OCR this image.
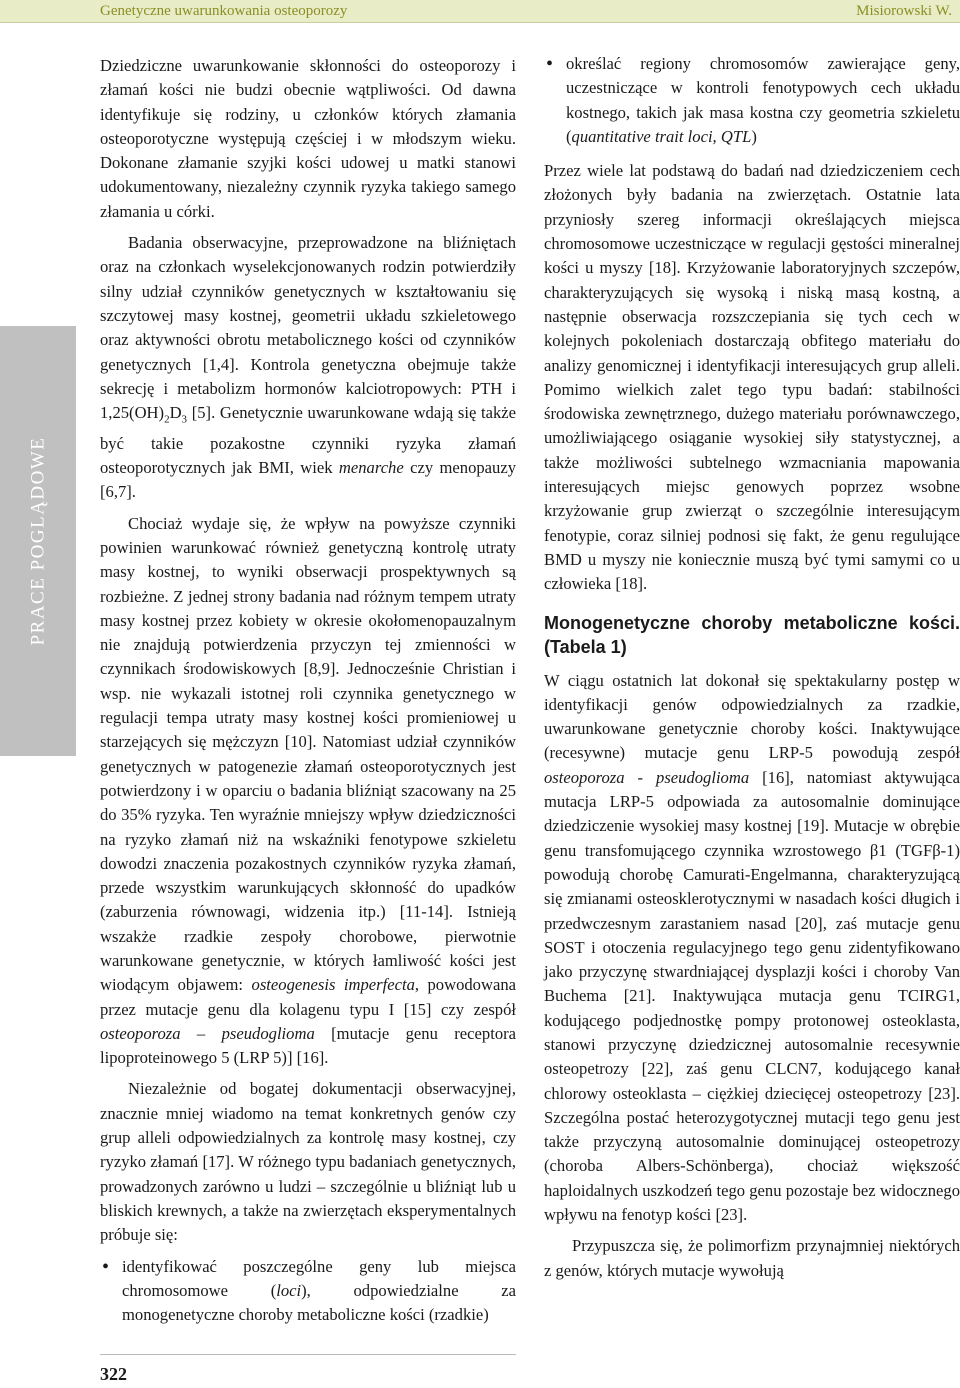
Genetyczne uwarunkowania osteoporozy	Misiorowski W.
PRACE POGLĄDOWE

Dziedziczne uwarunkowanie skłonności do osteoporozy i złamań kości nie budzi obecnie wątpliwości. Od dawna identyfikuje się rodziny, u członków których złamania osteoporotyczne występują częściej i w młodszym wieku. Dokonane złamanie szyjki kości udowej u matki stanowi udokumentowany, niezależny czynnik ryzyka takiego samego złamania u córki.

Badania obserwacyjne, przeprowadzone na bliźniętach oraz na członkach wyselekcjonowanych rodzin potwierdziły silny udział czynników genetycznych w kształtowaniu się szczytowej masy kostnej, geometrii układu szkieletowego oraz aktywności obrotu metabolicznego kości od czynników genetycznych [1,4]. Kontrola genetyczna obejmuje także sekrecję i metabolizm hormonów kalciotropowych: PTH i $1,25(OH)_2D_3$ [5]. Genetycznie uwarunkowane wdają się także być takie pozakostne czynniki ryzyka złamań osteoporotycznych jak BMI, wiek menarche czy menopauzy [6,7].

Chociaż wydaje się, że wpływ na powyższe czynniki powinien warunkować również genetyczną kontrolę utraty masy kostnej, to wyniki obserwacji prospektywnych są rozbieżne. Z jednej strony badania nad różnym tempem utraty masy kostnej przez kobiety w okresie okołomenopauzalnym nie znajdują potwierdzenia przyczyn tej zmienności w czynnikach środowiskowych [8,9]. Jednocześnie Christian i wsp. nie wykazali istotnej roli czynnika genetycznego w regulacji tempa utraty masy kostnej kości promieniowej u starzejących się mężczyzn [10]. Natomiast udział czynników genetycznych w patogenezie złamań osteoporotycznych jest potwierdzony i w oparciu o badania bliźniąt szacowany na 25 do 35% ryzyka. Ten wyraźnie mniejszy wpływ dziedziczności na ryzyko złamań niż na wskaźniki fenotypowe szkieletu dowodzi znaczenia pozakostnych czynników ryzyka złamań, przede wszystkim warunkujących skłonność do upadków (zaburzenia równowagi, widzenia itp.) [11-14]. Istnieją wszakże rzadkie zespoły chorobowe, pierwotnie warunkowane genetycznie, w których łamliwość kości jest wiodącym objawem: osteogenesis imperfecta, powodowana przez mutacje genu dla kolagenu typu I [15] czy zespół osteoporoza – pseudoglioma [mutacje genu receptora lipoproteinowego 5 (LRP 5)] [16].

Niezależnie od bogatej dokumentacji obserwacyjnej, znacznie mniej wiadomo na temat konkretnych genów czy grup alleli odpowiedzialnych za kontrolę masy kostnej, czy ryzyko złamań [17]. W różnego typu badaniach genetycznych, prowadzonych zarówno u ludzi – szczególnie u bliźniąt lub u bliskich krewnych, a także na zwierzętach eksperymentalnych próbuje się:

• identyfikować poszczególne geny lub miejsca chromosomowe (loci), odpowiedzialne za monogenetyczne choroby metaboliczne kości (rzadkie)
• określać regiony chromosomów zawierające geny, uczestniczące w kontroli fenotypowych cech układu kostnego, takich jak masa kostna czy geometria szkieletu (quantitative trait loci, QTL)

Przez wiele lat podstawą do badań nad dziedziczeniem cech złożonych były badania na zwierzętach. Ostatnie lata przyniosły szereg informacji określających miejsca chromosomowe uczestniczące w regulacji gęstości mineralnej kości u myszy [18]. Krzyżowanie laboratoryjnych szczepów, charakteryzujących się wysoką i niską masą kostną, a następnie obserwacja rozszczepiania się tych cech w kolejnych pokoleniach dostarczają obfitego materiału do analizy genomicznej i identyfikacji interesujących grup alleli. Pomimo wielkich zalet tego typu badań: stabilności środowiska zewnętrznego, dużego materiału porównawczego, umożliwiającego osiąganie wysokiej siły statystycznej, a także możliwości subtelnego wzmacniania mapowania interesujących miejsc genowych poprzez wsobne krzyżowanie grup zwierząt o szczególnie interesującym fenotypie, coraz silniej podnosi się fakt, że genu regulujące BMD u myszy nie koniecznie muszą być tymi samymi co u człowieka [18].

Monogenetyczne choroby metaboliczne kości. (Tabela 1)

W ciągu ostatnich lat dokonał się spektakularny postęp w identyfikacji genów odpowiedzialnych za rzadkie, uwarunkowane genetycznie choroby kości. Inaktywujące (recesywne) mutacje genu LRP-5 powodują zespół osteoporoza - pseudoglioma [16], natomiast aktywująca mutacja LRP-5 odpowiada za autosomalnie dominujące dziedziczenie wysokiej masy kostnej [19]. Mutacje w obrębie genu transfomującego czynnika wzrostowego β1 (TGFβ-1) powodują chorobę Camurati-Engelmanna, charakteryzującą się zmianami osteosklerotycznymi w nasadach kości długich i przedwczesnym zarastaniem nasad [20], zaś mutacje genu SOST i otoczenia regulacyjnego tego genu zidentyfikowano jako przyczynę stwardniającej dysplazji kości i choroby Van Buchema [21]. Inaktywująca mutacja genu TCIRG1, kodującego podjednostkę pompy protonowej osteoklasta, stanowi przyczynę dziedzicznej autosomalnie recesywnie osteopetrozy [22], zaś genu CLCN7, kodującego kanał chlorowy osteoklasta – ciężkiej dziecięcej osteopetrozy [23]. Szczególna postać heterozygotycznej mutacji tego genu jest także przyczyną autosomalnie dominującej osteopetrozy (choroba Albers-Schönberga), chociaż większość haploidalnych uszkodzeń tego genu pozostaje bez widocznego wpływu na fenotyp kości [23].

Przypuszcza się, że polimorfizm przynajmniej niektórych z genów, których mutacje wywołują

322
